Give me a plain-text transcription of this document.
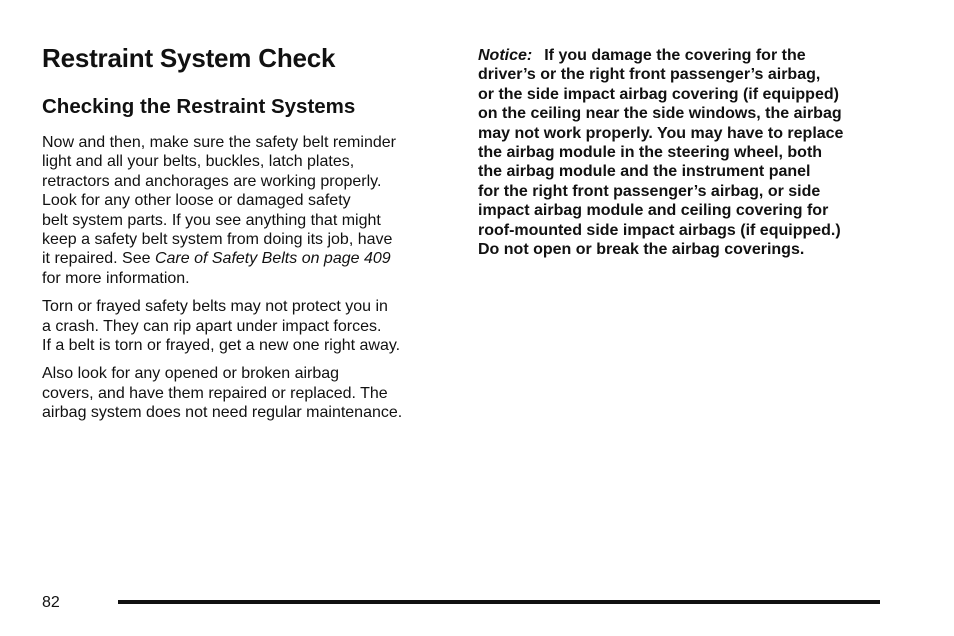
Restraint System Check
Checking the Restraint Systems

Now and then, make sure the safety belt reminder
light and all your belts, buckles, latch plates,
retractors and anchorages are working properly.
Look for any other loose or damaged safety
belt system parts. If you see anything that might
keep a safety belt system from doing its job, have
it repaired. See Care of Safety Belts on page 409
for more information.

Torn or frayed safety belts may not protect you in
a crash. They can rip apart under impact forces.
If a belt is torn or frayed, get a new one right away.

Also look for any opened or broken airbag
covers, and have them repaired or replaced. The
airbag system does not need regular maintenance.

Notice: If you damage the covering for the
driver’s or the right front passenger’s airbag,
or the side impact airbag covering (if equipped)
on the ceiling near the side windows, the airbag
may not work properly. You may have to replace
the airbag module in the steering wheel, both
the airbag module and the instrument panel
for the right front passenger’s airbag, or side
impact airbag module and ceiling covering for
roof-mounted side impact airbags (if equipped.)
Do not open or break the airbag coverings.

82
